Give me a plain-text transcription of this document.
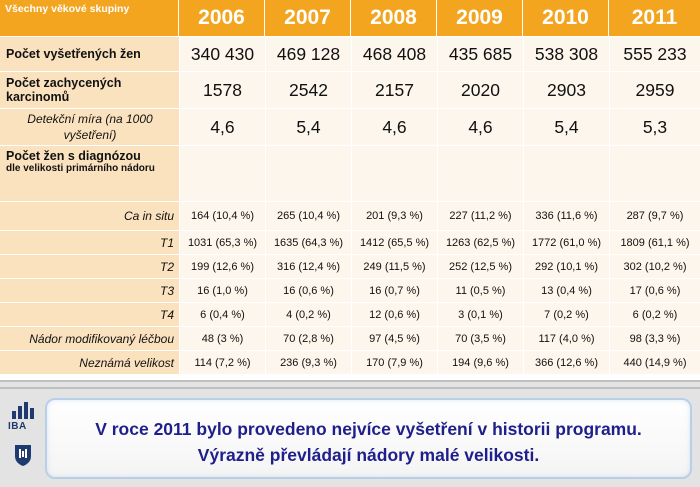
Všechny věkové skupiny	2006	2007	2008	2009	2010	2011
Počet vyšetřených žen	340 430	469 128	468 408	435 685	538 308	555 233
Počet zachycených karcinomů	1578	2542	2157	2020	2903	2959
Detekční míra (na 1000 vyšetření)	4,6	5,4	4,6	4,6	5,4	5,3
Počet žen s diagnózou
dle velikosti primárního nádoru						

Ca in situ	164 (10,4 %)	265 (10,4 %)	201 (9,3 %)	227 (11,2 %)	336 (11,6 %)	287 (9,7 %)
T1	1031 (65,3 %)	1635 (64,3 %)	1412 (65,5 %)	1263 (62,5 %)	1772 (61,0 %)	1809 (61,1 %)
T2	199 (12,6 %)	316 (12,4 %)	249 (11,5 %)	252 (12,5 %)	292 (10,1 %)	302 (10,2 %)
T3	16 (1,0 %)	16 (0,6 %)	16 (0,7 %)	11 (0,5 %)	13 (0,4 %)	17 (0,6 %)
T4	6 (0,4 %)	4 (0,2 %)	12 (0,6 %)	3 (0,1 %)	7 (0,2 %)	6 (0,2 %)
Nádor modifikovaný léčbou	48 (3 %)	70 (2,8 %)	97 (4,5 %)	70 (3,5 %)	117 (4,0 %)	98 (3,3 %)
Neznámá velikost	114 (7,2 %)	236 (9,3 %)	170 (7,9 %)	194 (9,6 %)	366 (12,6 %)	440 (14,9 %)
IBA	V roce 2011 bylo provedeno nejvíce vyšetření v historii programu.
Výrazně převládají nádory malé velikosti.
